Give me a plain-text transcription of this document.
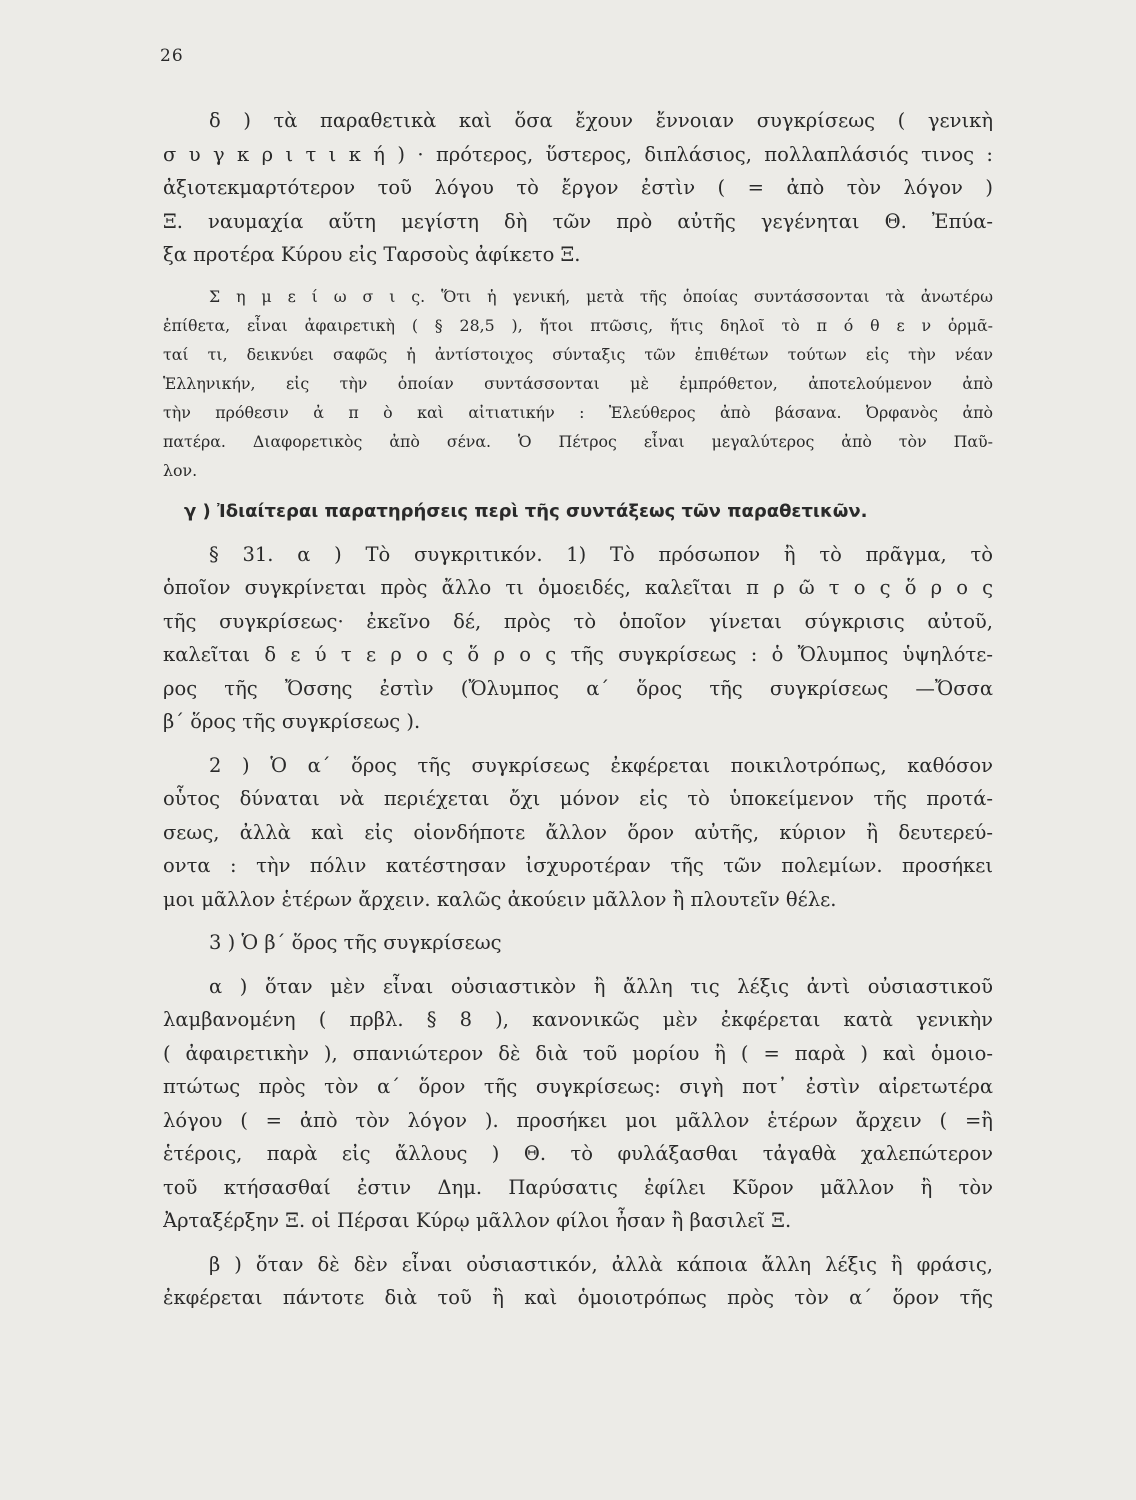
26
δ ) τὰ παραθετικὰ καὶ ὅσα ἔχουν ἔννοιαν συγκρίσεως ( γενικὴ
σ υ γ κ ρ ι τ ι κ ή ) · πρότερος, ὕστερος, διπλάσιος, πολλαπλάσιός τινος :
ἀξιοτεκμαρτότερον τοῦ λόγου τὸ ἔργον ἐστὶν ( = ἀπὸ τὸν λόγον )
Ξ. ναυμαχία αὕτη μεγίστη δὴ τῶν πρὸ αὐτῆς γεγένηται Θ. Ἐπύα-
ξα προτέρα Κύρου εἰς Ταρσοὺς ἀφίκετο Ξ.
Σ η μ ε ί ω σ ι ς. Ὅτι ἡ γενική, μετὰ τῆς ὁποίας συντάσσονται τὰ ἀνωτέρω
ἐπίθετα, εἶναι ἀφαιρετικὴ ( § 28,5 ), ἤτοι πτῶσις, ἥτις δηλοῖ τὸ π ό θ ε ν ὁρμᾶ-
ταί τι, δεικνύει σαφῶς ἡ ἀντίστοιχος σύνταξις τῶν ἐπιθέτων τούτων εἰς τὴν νέαν
Ἑλληνικήν, εἰς τὴν ὁποίαν συντάσσονται μὲ ἐμπρόθετον, ἀποτελούμενον ἀπὸ
τὴν πρόθεσιν ἀ π ὸ καὶ αἰτιατικήν : Ἐλεύθερος ἀπὸ βάσανα. Ὀρφανὸς ἀπὸ
πατέρα. Διαφορετικὸς ἀπὸ σένα. Ὁ Πέτρος εἶναι μεγαλύτερος ἀπὸ τὸν Παῦ-
λον.
γ ) Ἰδιαίτεραι παρατηρήσεις περὶ τῆς συντάξεως τῶν παραθετικῶν.
§ 31. α ) Τὸ συγκριτικόν. 1) Τὸ πρόσωπον ἢ τὸ πρᾶγμα, τὸ
ὁποῖον συγκρίνεται πρὸς ἄλλο τι ὁμοειδές, καλεῖται π ρ ῶ τ ο ς ὅ ρ ο ς
τῆς συγκρίσεως· ἐκεῖνο δέ, πρὸς τὸ ὁποῖον γίνεται σύγκρισις αὐτοῦ,
καλεῖται δ ε ύ τ ε ρ ο ς ὅ ρ ο ς τῆς συγκρίσεως : ὁ Ὄλυμπος ὑψηλότε-
ρος τῆς Ὄσσης ἐστὶν (Ὄλυμπος α΄ ὅρος τῆς συγκρίσεως —Ὄσσα
β΄ ὅρος τῆς συγκρίσεως ).
2 ) Ὁ α΄ ὅρος τῆς συγκρίσεως ἐκφέρεται ποικιλοτρόπως, καθόσον
οὗτος δύναται νὰ περιέχεται ὄχι μόνον εἰς τὸ ὑποκείμενον τῆς προτά-
σεως, ἀλλὰ καὶ εἰς οἱονδήποτε ἄλλον ὅρον αὐτῆς, κύριον ἢ δευτερεύ-
οντα : τὴν πόλιν κατέστησαν ἰσχυροτέραν τῆς τῶν πολεμίων. προσήκει
μοι μᾶλλον ἑτέρων ἄρχειν. καλῶς ἀκούειν μᾶλλον ἢ πλουτεῖν θέλε.
3 ) Ὁ β΄ ὅρος τῆς συγκρίσεως
α ) ὅταν μὲν εἶναι οὐσιαστικὸν ἢ ἄλλη τις λέξις ἀντὶ οὐσιαστικοῦ
λαμβανομένη ( πρβλ. § 8 ), κανονικῶς μὲν ἐκφέρεται κατὰ γενικὴν
( ἀφαιρετικὴν ), σπανιώτερον δὲ διὰ τοῦ μορίου ἢ ( = παρὰ ) καὶ ὁμοιο-
πτώτως πρὸς τὸν α΄ ὅρον τῆς συγκρίσεως: σιγὴ ποτ᾽ ἐστὶν αἱρετωτέρα
λόγου ( = ἀπὸ τὸν λόγον ). προσήκει μοι μᾶλλον ἑτέρων ἄρχειν ( =ἢ
ἑτέροις, παρὰ εἰς ἄλλους ) Θ. τὸ φυλάξασθαι τἀγαθὰ χαλεπώτερον
τοῦ κτήσασθαί ἐστιν Δημ. Παρύσατις ἐφίλει Κῦρον μᾶλλον ἢ τὸν
Ἀρταξέρξην Ξ. οἱ Πέρσαι Κύρῳ μᾶλλον φίλοι ἦσαν ἢ βασιλεῖ Ξ.
β ) ὅταν δὲ δὲν εἶναι οὐσιαστικόν, ἀλλὰ κάποια ἄλλη λέξις ἢ φράσις,
ἐκφέρεται πάντοτε διὰ τοῦ ἢ καὶ ὁμοιοτρόπως πρὸς τὸν α΄ ὅρον τῆς
